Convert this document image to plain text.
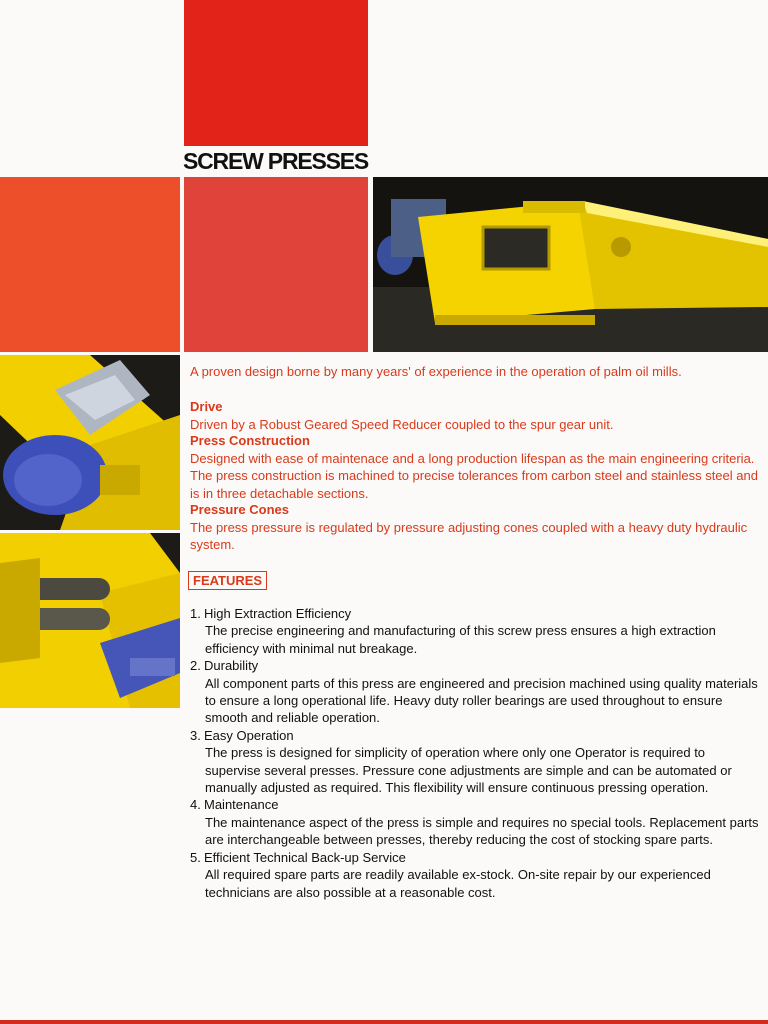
SCREW PRESSES

A proven design borne by many years' of experience in the operation of palm oil mills.

Drive

Driven by a Robust Geared Speed Reducer coupled to the spur gear unit.

Press Construction

Designed with ease of maintenace and a long production lifespan as the main engineering criteria. The press construction is machined to precise tolerances from carbon steel and stainless steel and is in three detachable sections.

Pressure Cones

The press pressure is regulated by pressure adjusting cones coupled with a heavy duty hydraulic system.

FEATURES
1. High Extraction Efficiency
The precise engineering and manufacturing of this screw press ensures a high extraction efficiency with minimal nut breakage.
2. Durability
All component parts of this press are engineered and precision machined using quality materials to ensure a long operational life. Heavy duty roller bearings are used throughout to ensure smooth and reliable operation.
3. Easy Operation
The press is designed for simplicity of operation where only one Operator is required to supervise several presses. Pressure cone adjustments are simple and can be automated or manually adjusted as required. This flexibility will ensure continuous pressing operation.
4. Maintenance
The maintenance aspect of the press is simple and requires no special tools. Replacement parts are interchangeable between presses, thereby reducing the cost of stocking spare parts.
5. Efficient Technical Back-up Service
All required spare parts are readily available ex-stock. On-site repair by our experienced technicians are also possible at a reasonable cost.
